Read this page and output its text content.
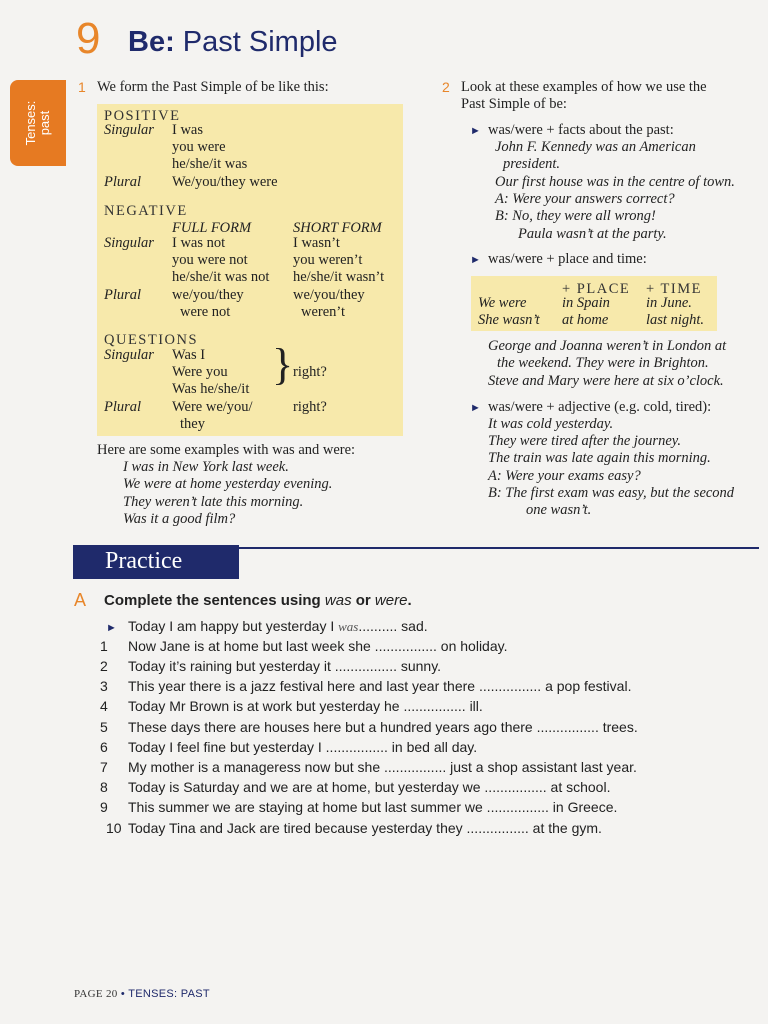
9 Be: Past Simple
Tenses: past
1 We form the Past Simple of be like this:
POSITIVE
Singular I was
you were
he/she/it was
Plural We/you/they were
NEGATIVE
FULL FORM	SHORT FORM
Singular I was not
you were not
he/she/it was not
I wasn’t
you weren’t
he/she/it wasn’t
Plural we/you/they
were not
we/you/they
weren’t
QUESTIONS
Singular Was I
Were you
Was he/she/it } right?
Plural Were we/you/
they
right?
Here are some examples with was and were:
I was in New York last week.
We were at home yesterday evening.
They weren’t late this morning.
Was it a good film?
2 Look at these examples of how we use the
Past Simple of be:
► was/were + facts about the past:
John F. Kennedy was an American
president.
Our first house was in the centre of town.
A: Were your answers correct?
B: No, they were all wrong!
Paula wasn’t at the party.
► was/were + place and time:
+ PLACE + TIME
We were in Spain in June.
She wasn’t at home	last night.
George and Joanna weren’t in London at
the weekend. They were in Brighton.
Steve and Mary were here at six o’clock.
► was/were + adjective (e.g. cold, tired):
It was cold yesterday.
They were tired after the journey.
The train was late again this morning.
A: Were your exams easy?
B: The first exam was easy, but the second
one wasn’t.
Practice
A Complete the sentences using was or were.
► Today I am happy but yesterday I was.......... sad.
1 Now Jane is at home but last week she ................ on holiday.
2 Today it’s raining but yesterday it ................ sunny.
3 This year there is a jazz festival here and last year there ................ a pop festival.
4 Today Mr Brown is at work but yesterday he ................ ill.
5 These days there are houses here but a hundred years ago there ................ trees.
6 Today I feel fine but yesterday I ................ in bed all day.
7 My mother is a manageress now but she ................ just a shop assistant last year.
8 Today is Saturday and we are at home, but yesterday we ................ at school.
9 This summer we are staying at home but last summer we ................ in Greece.
10 Today Tina and Jack are tired because yesterday they ................ at the gym.
PAGE 20 • TENSES: PAST
